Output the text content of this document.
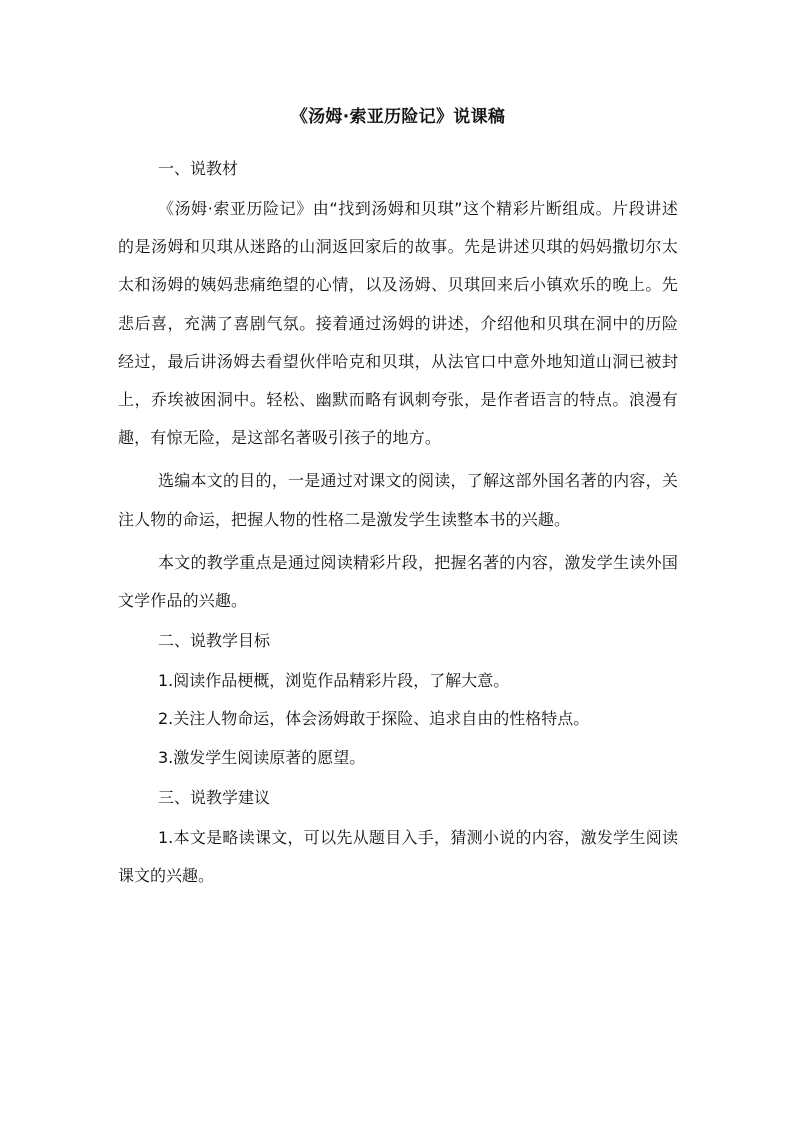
《汤姆·索亚历险记》说课稿

一、说教材

《汤姆·索亚历险记》由“找到汤姆和贝琪”这个精彩片断组成。片段讲述的是汤姆和贝琪从迷路的山洞返回家后的故事。先是讲述贝琪的妈妈撒切尔太太和汤姆的姨妈悲痛绝望的心情，以及汤姆、贝琪回来后小镇欢乐的晚上。先悲后喜，充满了喜剧气氛。接着通过汤姆的讲述，介绍他和贝琪在洞中的历险经过，最后讲汤姆去看望伙伴哈克和贝琪，从法官口中意外地知道山洞已被封上，乔埃被困洞中。轻松、幽默而略有讽刺夸张，是作者语言的特点。浪漫有趣，有惊无险，是这部名著吸引孩子的地方。

选编本文的目的，一是通过对课文的阅读，了解这部外国名著的内容，关注人物的命运，把握人物的性格二是激发学生读整本书的兴趣。

本文的教学重点是通过阅读精彩片段，把握名著的内容，激发学生读外国文学作品的兴趣。

二、说教学目标

1.阅读作品梗概，浏览作品精彩片段，了解大意。

2.关注人物命运，体会汤姆敢于探险、追求自由的性格特点。

3.激发学生阅读原著的愿望。

三、说教学建议

1.本文是略读课文，可以先从题目入手，猜测小说的内容，激发学生阅读课文的兴趣。
